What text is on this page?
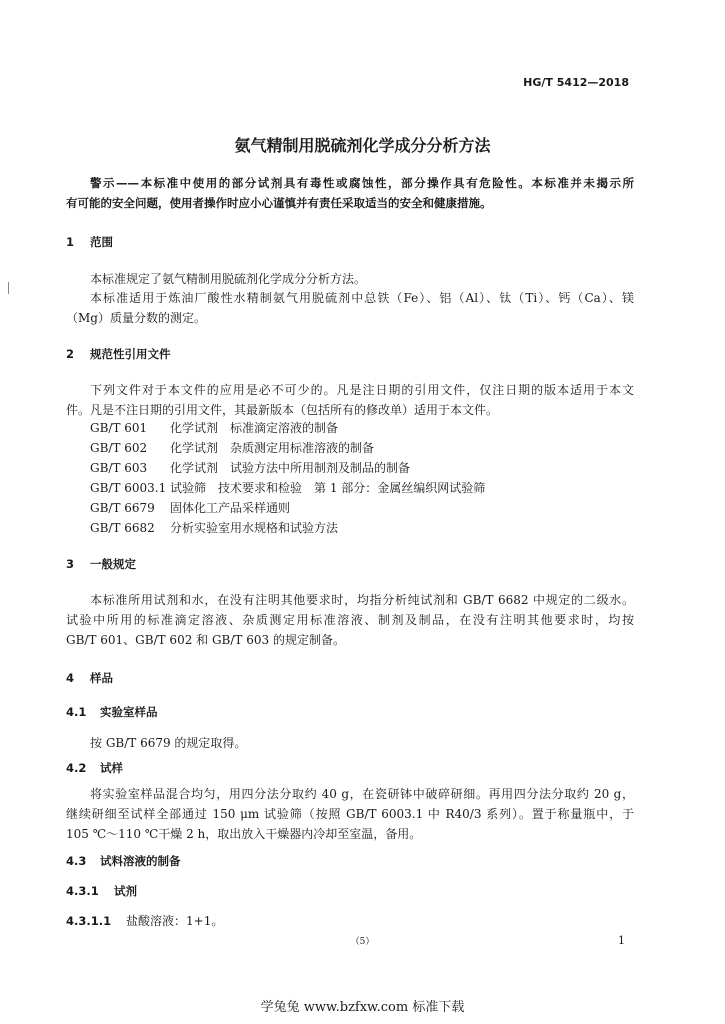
HG/T 5412—2018
氨气精制用脱硫剂化学成分分析方法
警示——本标准中使用的部分试剂具有毒性或腐蚀性，部分操作具有危险性。本标准并未揭示所
有可能的安全问题，使用者操作时应小心谨慎并有责任采取适当的安全和健康措施。
1 范围
本标准规定了氨气精制用脱硫剂化学成分分析方法。
本标准适用于炼油厂酸性水精制氨气用脱硫剂中总铁（Fe）、铝（Al）、钛（Ti）、钙（Ca）、镁
（Mg）质量分数的测定。
2 规范性引用文件
下列文件对于本文件的应用是必不可少的。凡是注日期的引用文件，仅注日期的版本适用于本文
件。凡是不注日期的引用文件，其最新版本（包括所有的修改单）适用于本文件。
GB/T 601 化学试剂　标准滴定溶液的制备
GB/T 602 化学试剂　杂质测定用标准溶液的制备
GB/T 603 化学试剂　试验方法中所用制剂及制品的制备
GB/T 6003.1 试验筛　技术要求和检验　第 1 部分：金属丝编织网试验筛
GB/T 6679 固体化工产品采样通则
GB/T 6682 分析实验室用水规格和试验方法
3 一般规定
本标准所用试剂和水，在没有注明其他要求时，均指分析纯试剂和 GB/T 6682 中规定的二级水。
试验中所用的标准滴定溶液、杂质测定用标准溶液、制剂及制品，在没有注明其他要求时，均按
GB/T 601、GB/T 602 和 GB/T 603 的规定制备。
4 样品
4.1 实验室样品
按 GB/T 6679 的规定取得。
4.2 试样
将实验室样品混合均匀，用四分法分取约 40 g，在瓷研钵中破碎研细。再用四分法分取约 20 g，
继续研细至试样全部通过 150 μm 试验筛（按照 GB/T 6003.1 中 R40/3 系列）。置于称量瓶中，于
105 ℃～110 ℃干燥 2 h，取出放入干燥器内冷却至室温，备用。
4.3 试料溶液的制备
4.3.1 试剂
4.3.1.1 盐酸溶液：1+1。
（5）	1
学兔兔 www.bzfxw.com 标准下载
